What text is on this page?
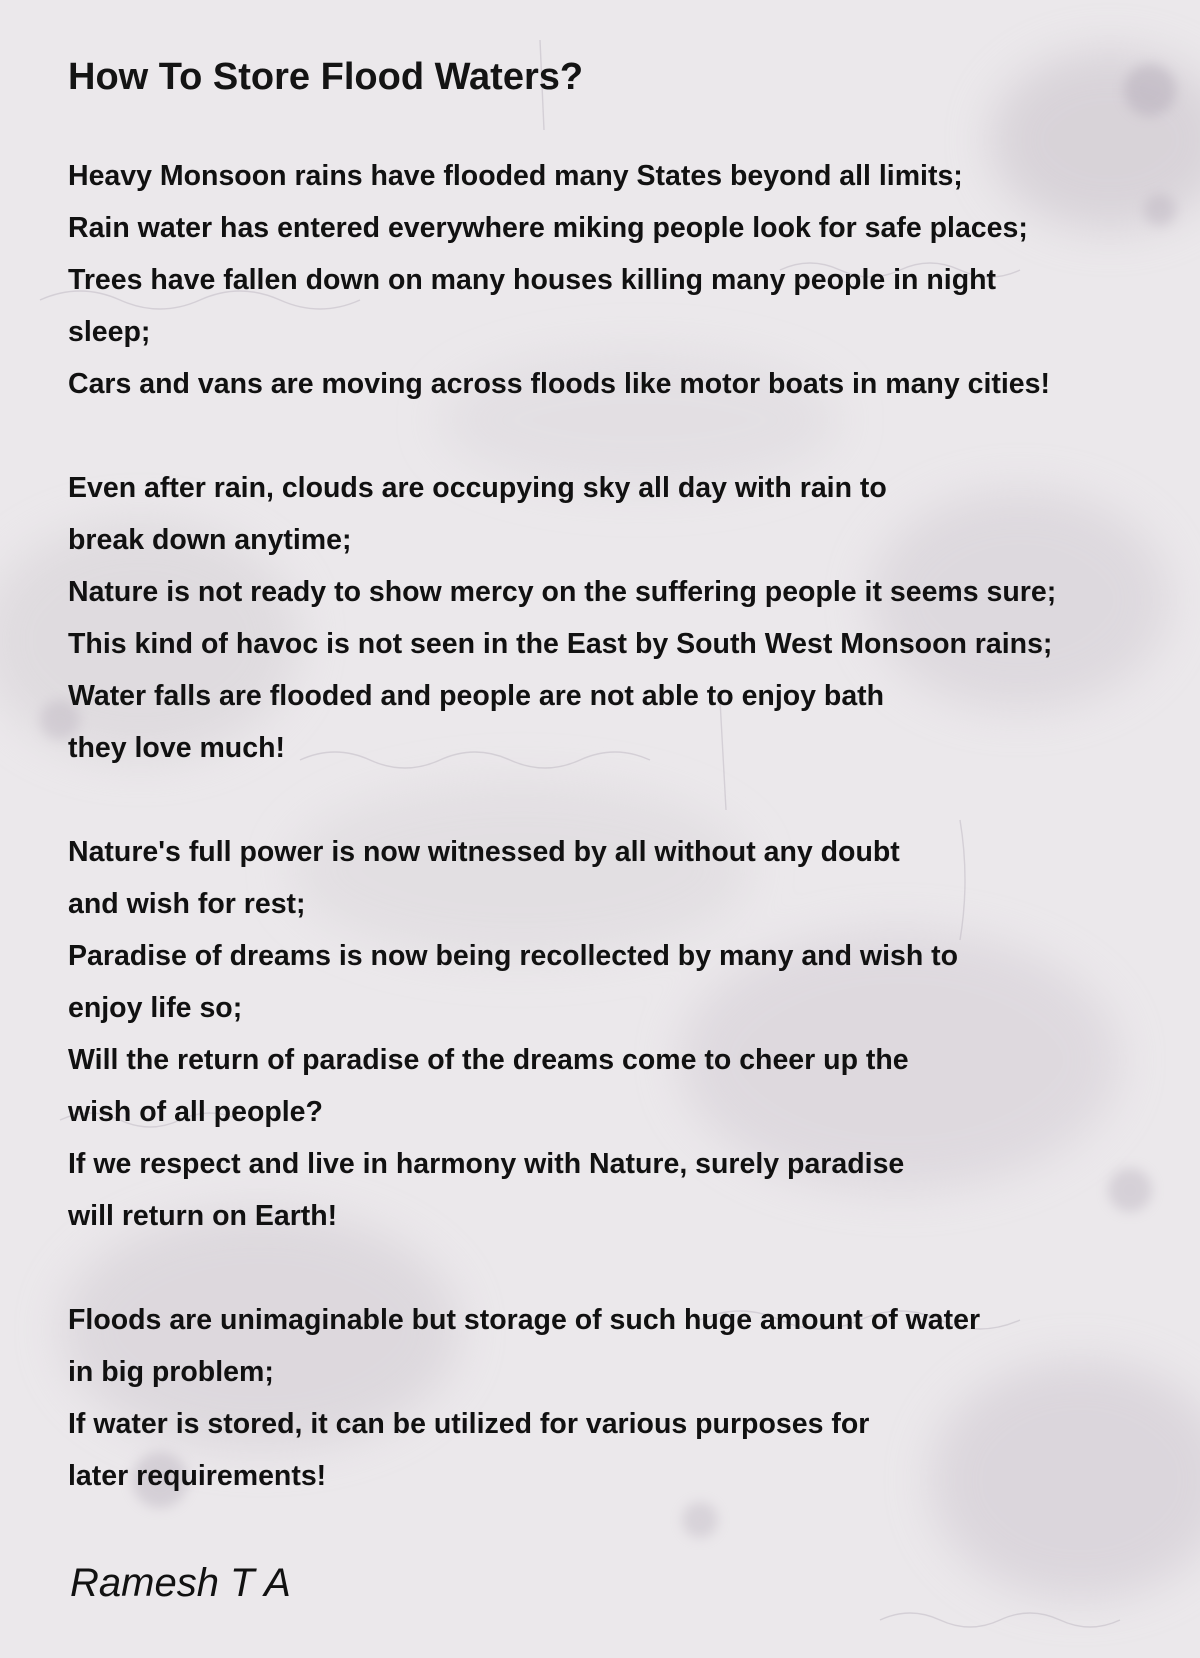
How To Store Flood Waters?
Heavy Monsoon rains have flooded many States beyond all limits;
Rain water has entered everywhere miking people look for safe places;
Trees have fallen down on many houses killing many people in night
sleep;
Cars and vans are moving across floods like motor boats in many cities!
Even after rain, clouds are occupying sky all day with rain to
break down anytime;
Nature is not ready to show mercy on the suffering people it seems sure;
This kind of havoc is not seen in the East by South West Monsoon rains;
Water falls are flooded and people are not able to enjoy bath
they love much!
Nature's full power is now witnessed by all without any doubt
and wish for rest;
Paradise of dreams is now being recollected by many and wish to
enjoy life so;
Will the return of paradise of the dreams come to cheer up the
wish of all people?
If we respect and live in harmony with Nature, surely paradise
will return on Earth!
Floods are unimaginable but storage of such huge amount of water
in big problem;
If water is stored, it can be utilized for various purposes for
later requirements!
Ramesh T A
